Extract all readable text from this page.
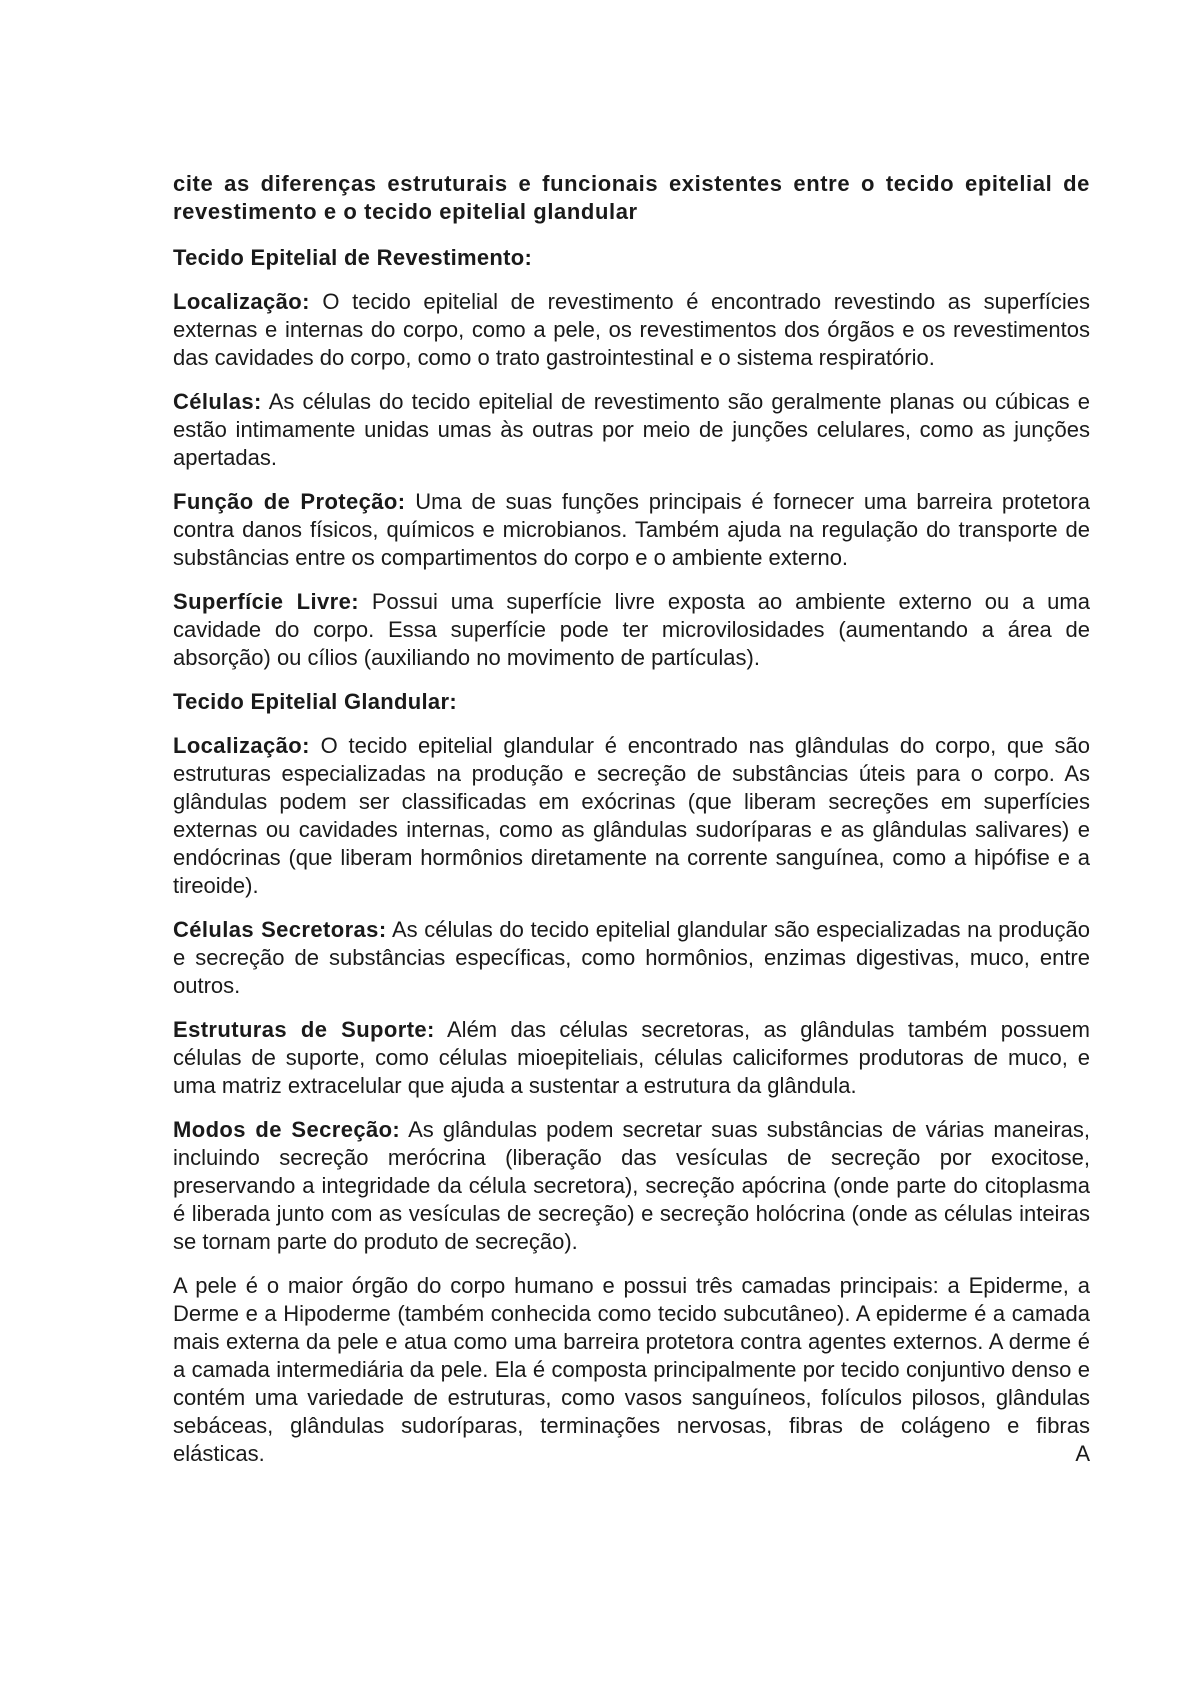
cite as diferenças estruturais e funcionais existentes entre o tecido epitelial de revestimento e o tecido epitelial glandular

Tecido Epitelial de Revestimento:

Localização: O tecido epitelial de revestimento é encontrado revestindo as superfícies externas e internas do corpo, como a pele, os revestimentos dos órgãos e os revestimentos das cavidades do corpo, como o trato gastrointestinal e o sistema respiratório.

Células: As células do tecido epitelial de revestimento são geralmente planas ou cúbicas e estão intimamente unidas umas às outras por meio de junções celulares, como as junções apertadas.

Função de Proteção: Uma de suas funções principais é fornecer uma barreira protetora contra danos físicos, químicos e microbianos. Também ajuda na regulação do transporte de substâncias entre os compartimentos do corpo e o ambiente externo.

Superfície Livre: Possui uma superfície livre exposta ao ambiente externo ou a uma cavidade do corpo. Essa superfície pode ter microvilosidades (aumentando a área de absorção) ou cílios (auxiliando no movimento de partículas).

Tecido Epitelial Glandular:

Localização: O tecido epitelial glandular é encontrado nas glândulas do corpo, que são estruturas especializadas na produção e secreção de substâncias úteis para o corpo. As glândulas podem ser classificadas em exócrinas (que liberam secreções em superfícies externas ou cavidades internas, como as glândulas sudoríparas e as glândulas salivares) e endócrinas (que liberam hormônios diretamente na corrente sanguínea, como a hipófise e a tireoide).

Células Secretoras: As células do tecido epitelial glandular são especializadas na produção e secreção de substâncias específicas, como hormônios, enzimas digestivas, muco, entre outros.

Estruturas de Suporte: Além das células secretoras, as glândulas também possuem células de suporte, como células mioepiteliais, células caliciformes produtoras de muco, e uma matriz extracelular que ajuda a sustentar a estrutura da glândula.

Modos de Secreção: As glândulas podem secretar suas substâncias de várias maneiras, incluindo secreção merócrina (liberação das vesículas de secreção por exocitose, preservando a integridade da célula secretora), secreção apócrina (onde parte do citoplasma é liberada junto com as vesículas de secreção) e secreção holócrina (onde as células inteiras se tornam parte do produto de secreção).

A pele é o maior órgão do corpo humano e possui três camadas principais: a Epiderme, a Derme e a Hipoderme (também conhecida como tecido subcutâneo). A epiderme é a camada mais externa da pele e atua como uma barreira protetora contra agentes externos. A derme é a camada intermediária da pele. Ela é composta principalmente por tecido conjuntivo denso e contém uma variedade de estruturas, como vasos sanguíneos, folículos pilosos, glândulas sebáceas, glândulas sudoríparas, terminações nervosas, fibras de colágeno e fibras elásticas. A
